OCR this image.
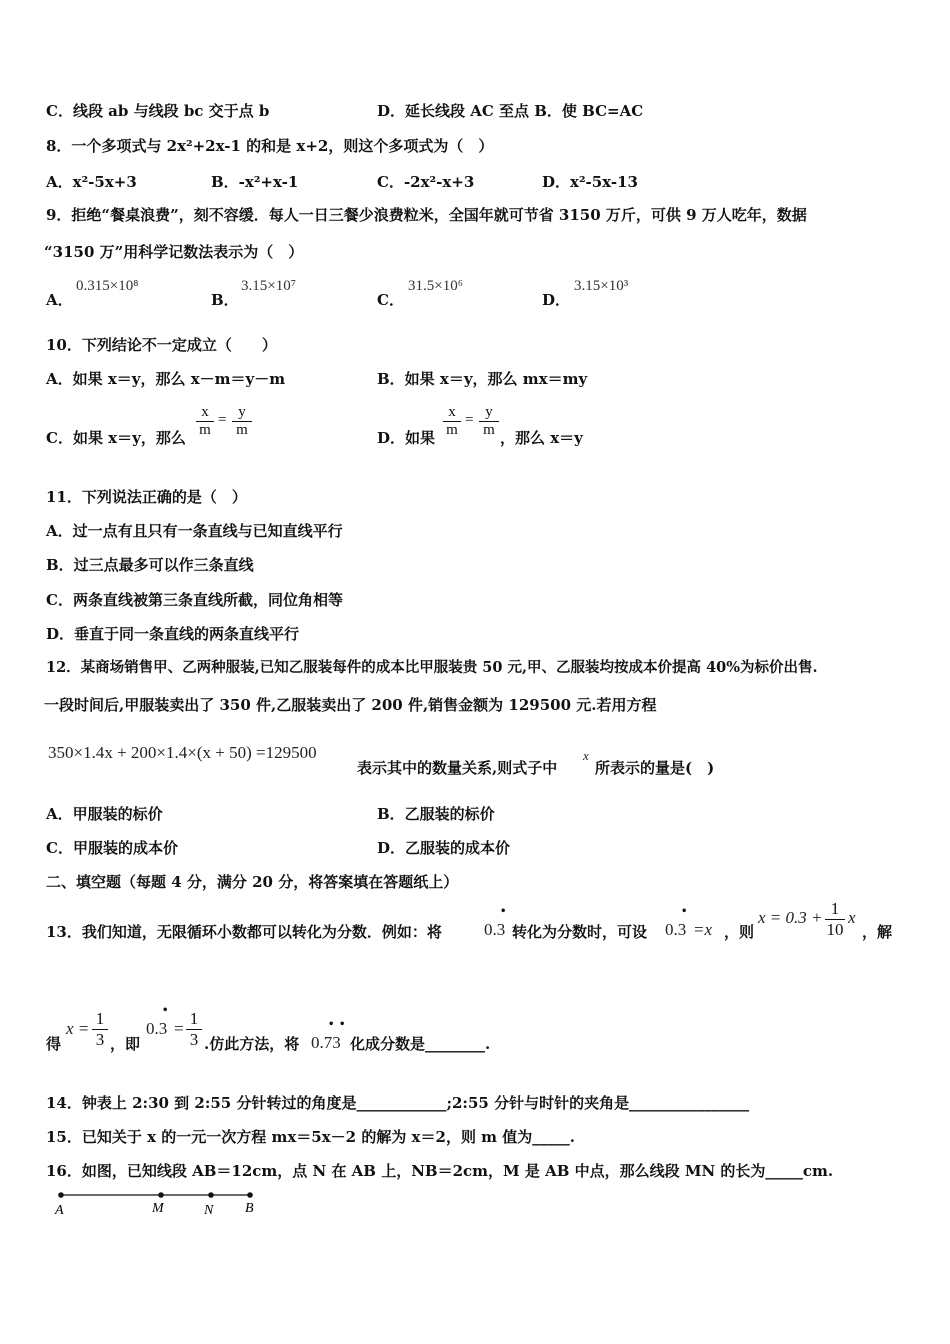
C．线段 ab 与线段 bc 交于点 b	D．延长线段 AC 至点 B．使 BC=AC
8．一个多项式与 2x²+2x-1 的和是 x+2，则这个多项式为（　）
A．x²-5x+3	B．-x²+x-1	C．-2x²-x+3	D．x²-5x-13
9．拒绝“餐桌浪费”，刻不容缓．每人一日三餐少浪费粒米，全国年就可节省 3150 万斤，可供 9 万人吃年，数据
“3150 万”用科学记数法表示为（　）
A．
0.315×10⁸
B．
3.15×10⁷
C．
31.5×10⁶
D．
3.15×10³
10．下列结论不一定成立（　　）
A．如果 x＝y，那么 x－m＝y－m	B．如果 x＝y，那么 mx＝my
C．如果 x＝y，那么 $\frac{x}{m} = \frac{y}{m}$	D．如果 $\frac{x}{m} = \frac{y}{m}$ ，那么 x＝y
11．下列说法正确的是（　）
A．过一点有且只有一条直线与已知直线平行
B．过三点最多可以作三条直线
C．两条直线被第三条直线所截，同位角相等
D．垂直于同一条直线的两条直线平行
12．某商场销售甲、乙两种服装,已知乙服装每件的成本比甲服装贵 50 元,甲、乙服装均按成本价提高 40%为标价出售.
一段时间后,甲服装卖出了 350 件,乙服装卖出了 200 件,销售金额为 129500 元.若用方程
350×1.4x + 200×1.4×(x + 50) =129500
表示其中的数量关系,则式子中
x
所表示的量是(　)
A．甲服装的标价	B．乙服装的标价
C．甲服装的成本价	D．乙服装的成本价
二、填空题（每题 4 分，满分 20 分，将答案填在答题纸上）
13．我们知道，无限循环小数都可以转化为分数．例如：将 0.3
•
转化为分数时，可设 0.3
•
=x ，则
$x = 0.3 + \frac{1}{10}$ x
，解
得
$x = \frac{1}{3}$ ，即
0.3
•
= $\frac{1}{3}$ .仿此方法，将 0.73
• •
化成分数是________.
14．钟表上 2:30 到 2:55 分针转过的角度是____________;2:55 分针与时针的夹角是________________
15．已知关于 x 的一元一次方程 mx＝5x－2 的解为 x＝2，则 m 值为_____.
16．如图，已知线段 AB＝12cm，点 N 在 AB 上，NB＝2cm，M 是 AB 中点，那么线段 MN 的长为_____cm.
A	M	N B
